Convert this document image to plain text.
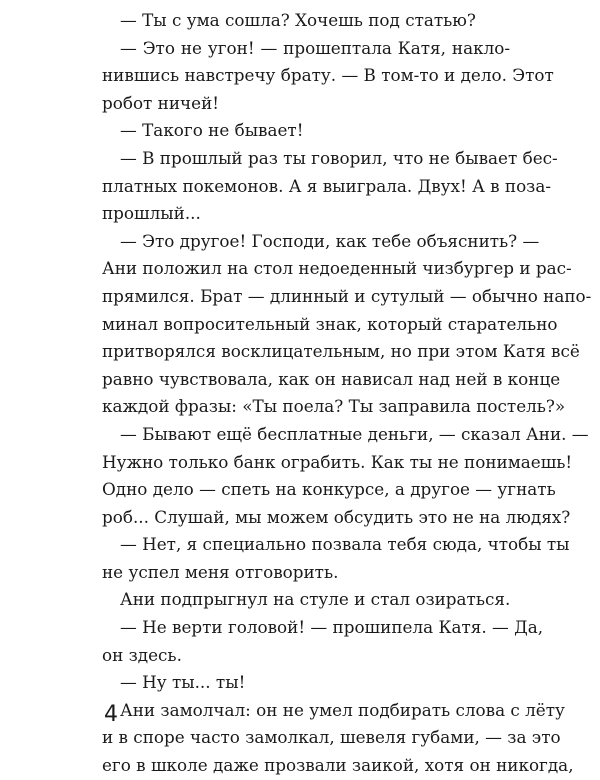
— Ты с ума сошла? Хочешь под статью?
— Это не угон! — прошептала Катя, накло-
нившись навстречу брату. — В том-то и дело. Этот
робот ничей!
— Такого не бывает!
— В прошлый раз ты говорил, что не бывает бес-
платных покемонов. А я выиграла. Двух! А в поза-
прошлый...
— Это другое! Господи, как тебе объяснить? —
Ани положил на стол недоеденный чизбургер и рас-
прямился. Брат — длинный и сутулый — обычно напо-
минал вопросительный знак, который старательно
притворялся восклицательным, но при этом Катя всё
равно чувствовала, как он нависал над ней в конце
каждой фразы: «Ты поела? Ты заправила постель?»
— Бывают ещё бесплатные деньги, — сказал Ани. —
Нужно только банк ограбить. Как ты не понимаешь!
Одно дело — спеть на конкурсе, а другое — угнать
роб... Слушай, мы можем обсудить это не на людях?
— Нет, я специально позвала тебя сюда, чтобы ты
не успел меня отговорить.
Ани подпрыгнул на стуле и стал озираться.
— Не верти головой! — прошипела Катя. — Да,
он здесь.
— Ну ты... ты!
Ани замолчал: он не умел подбирать слова с лёту
и в споре часто замолкал, шевеля губами, — за это
его в школе даже прозвали заикой, хотя он никогда,
4
